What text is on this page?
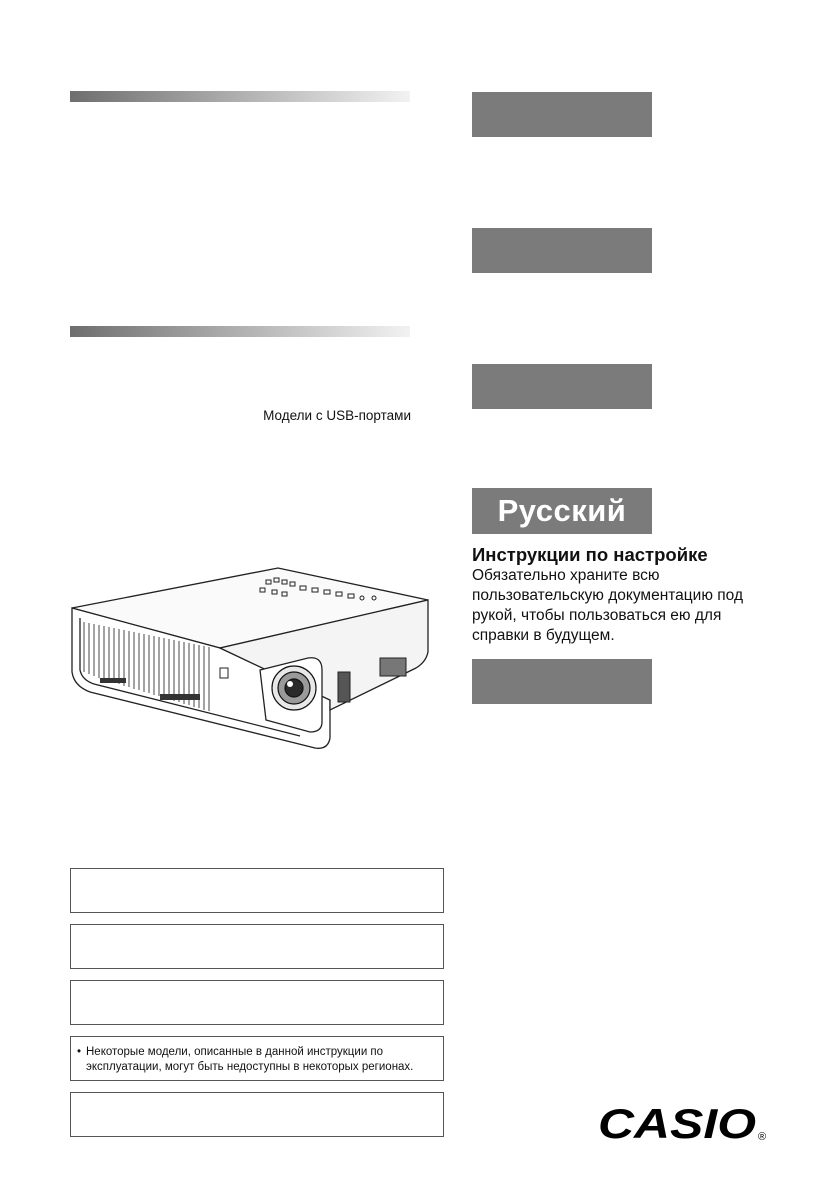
Модели с USB-портами
Русский
Инструкции по настройке
Обязательно храните всю
пользовательскую документацию под
рукой, чтобы пользоваться ею для
справки в будущем.
• Некоторые модели, описанные в данной инструкции по
эксплуатации, могут быть недоступны в некоторых регионах.
CASIO ®
